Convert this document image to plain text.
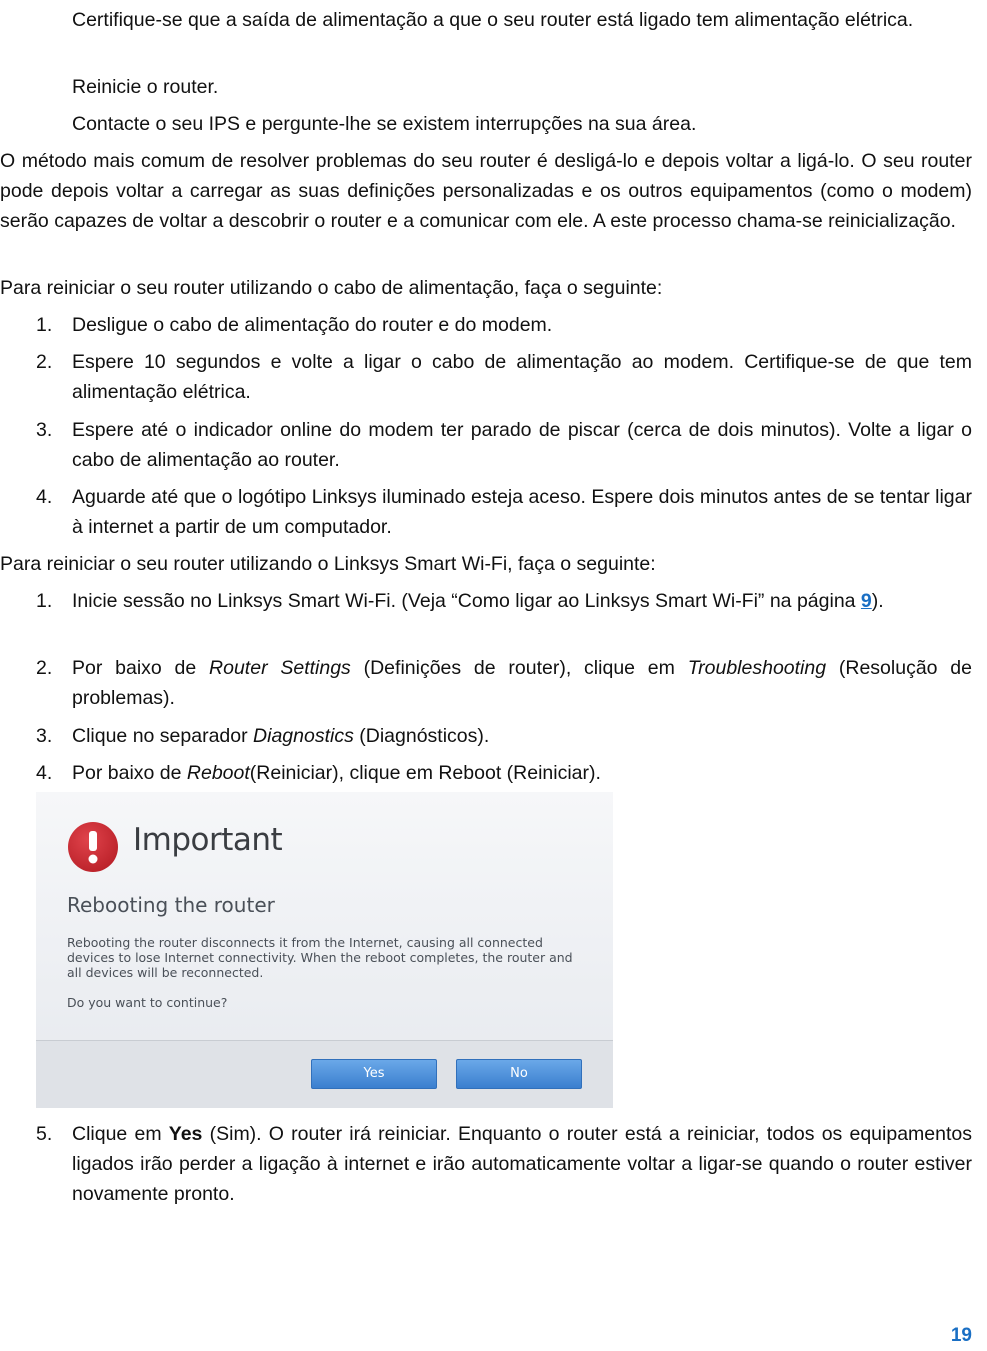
Certifique-se que a saída de alimentação a que o seu router está ligado tem alimentação elétrica.

Reinicie o router.

Contacte o seu IPS e pergunte-lhe se existem interrupções na sua área.

O método mais comum de resolver problemas do seu router é desligá-lo e depois voltar a ligá-lo. O seu router pode depois voltar a carregar as suas definições personalizadas e os outros equipamentos (como o modem) serão capazes de voltar a descobrir o router e a comunicar com ele. A este processo chama-se reinicialização.

Para reiniciar o seu router utilizando o cabo de alimentação, faça o seguinte:

1.	Desligue o cabo de alimentação do router e do modem.
2.	Espere 10 segundos e volte a ligar o cabo de alimentação ao modem. Certifique-se de que tem alimentação elétrica.
3.	Espere até o indicador online do modem ter parado de piscar (cerca de dois minutos). Volte a ligar o cabo de alimentação ao router.
4.	Aguarde até que o logótipo Linksys iluminado esteja aceso. Espere dois minutos antes de se tentar ligar à internet a partir de um computador.

Para reiniciar o seu router utilizando o Linksys Smart Wi-Fi, faça o seguinte:

1.	Inicie sessão no Linksys Smart Wi-Fi. (Veja “Como ligar ao Linksys Smart Wi-Fi” na página 9).
2.	Por baixo de Router Settings (Definições de router), clique em Troubleshooting (Resolução de problemas).
3.	Clique no separador Diagnostics (Diagnósticos).
4.	Por baixo de Reboot(Reiniciar), clique em Reboot (Reiniciar).
Important
Rebooting the router
Rebooting the router disconnects it from the Internet, causing all connected devices to lose Internet connectivity. When the reboot completes, the router and all devices will be reconnected.
Do you want to continue?
Yes	No
5.	Clique em Yes (Sim). O router irá reiniciar. Enquanto o router está a reiniciar, todos os equipamentos ligados irão perder a ligação à internet e irão automaticamente voltar a ligar-se quando o router estiver novamente pronto.
19
